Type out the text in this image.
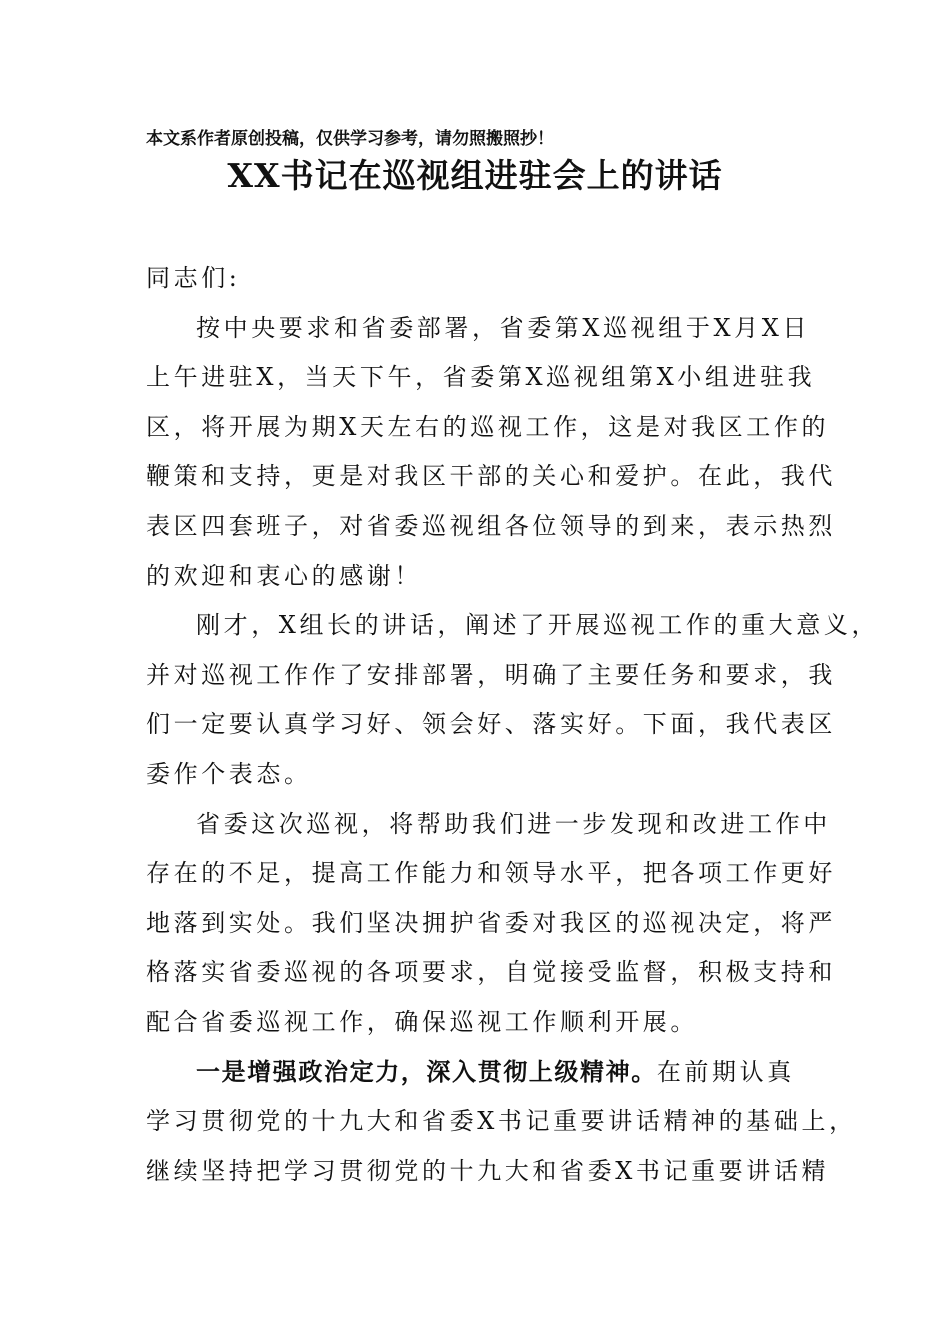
本文系作者原创投稿，仅供学习参考，请勿照搬照抄！
XX书记在巡视组进驻会上的讲话
同志们:
按中央要求和省委部署，省委第X巡视组于X月X日
上午进驻X，当天下午，省委第X巡视组第X小组进驻我
区，将开展为期X天左右的巡视工作，这是对我区工作的
鞭策和支持，更是对我区干部的关心和爱护。在此，我代
表区四套班子，对省委巡视组各位领导的到来，表示热烈
的欢迎和衷心的感谢！
刚才，X组长的讲话，阐述了开展巡视工作的重大意义，
并对巡视工作作了安排部署，明确了主要任务和要求，我
们一定要认真学习好、领会好、落实好。下面，我代表区
委作个表态。
省委这次巡视，将帮助我们进一步发现和改进工作中
存在的不足，提高工作能力和领导水平，把各项工作更好
地落到实处。我们坚决拥护省委对我区的巡视决定，将严
格落实省委巡视的各项要求，自觉接受监督，积极支持和
配合省委巡视工作，确保巡视工作顺利开展。
一是增强政治定力，深入贯彻上级精神。在前期认真
学习贯彻党的十九大和省委X书记重要讲话精神的基础上，
继续坚持把学习贯彻党的十九大和省委X书记重要讲话精
